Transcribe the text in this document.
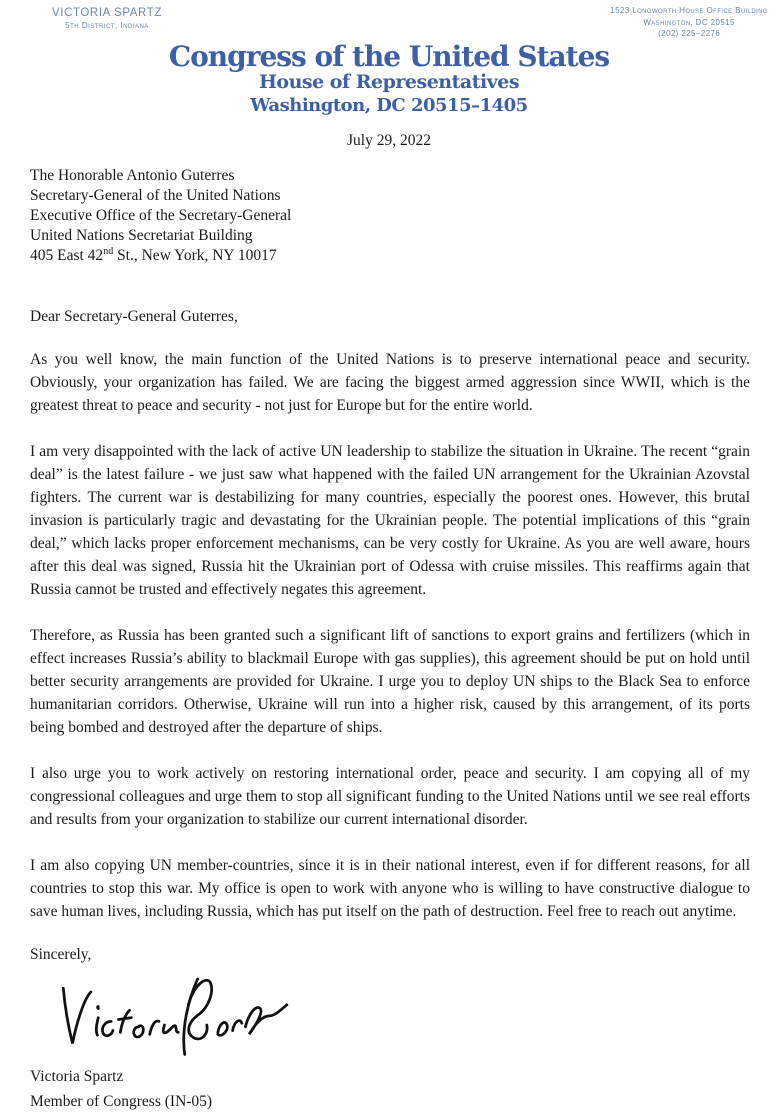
VICTORIA SPARTZ
5th District, Indiana
1523 Longworth House Office Building
Washington, DC 20515
(202) 225–2276
Congress of the United States
House of Representatives
Washington, DC 20515–1405
July 29, 2022
The Honorable Antonio Guterres
Secretary-General of the United Nations
Executive Office of the Secretary-General
United Nations Secretariat Building
405 East 42nd St., New York, NY 10017
Dear Secretary-General Guterres,

As you well know, the main function of the United Nations is to preserve international peace and security. Obviously, your organization has failed. We are facing the biggest armed aggression since WWII, which is the greatest threat to peace and security - not just for Europe but for the entire world.

I am very disappointed with the lack of active UN leadership to stabilize the situation in Ukraine. The recent “grain deal” is the latest failure - we just saw what happened with the failed UN arrangement for the Ukrainian Azovstal fighters. The current war is destabilizing for many countries, especially the poorest ones. However, this brutal invasion is particularly tragic and devastating for the Ukrainian people. The potential implications of this “grain deal,” which lacks proper enforcement mechanisms, can be very costly for Ukraine. As you are well aware, hours after this deal was signed, Russia hit the Ukrainian port of Odessa with cruise missiles. This reaffirms again that Russia cannot be trusted and effectively negates this agreement.

Therefore, as Russia has been granted such a significant lift of sanctions to export grains and fertilizers (which in effect increases Russia’s ability to blackmail Europe with gas supplies), this agreement should be put on hold until better security arrangements are provided for Ukraine. I urge you to deploy UN ships to the Black Sea to enforce humanitarian corridors. Otherwise, Ukraine will run into a higher risk, caused by this arrangement, of its ports being bombed and destroyed after the departure of ships.

I also urge you to work actively on restoring international order, peace and security. I am copying all of my congressional colleagues and urge them to stop all significant funding to the United Nations until we see real efforts and results from your organization to stabilize our current international disorder.

I am also copying UN member-countries, since it is in their national interest, even if for different reasons, for all countries to stop this war. My office is open to work with anyone who is willing to have constructive dialogue to save human lives, including Russia, which has put itself on the path of destruction. Feel free to reach out anytime.

Sincerely,
Victoria Spartz
Member of Congress (IN-05)
